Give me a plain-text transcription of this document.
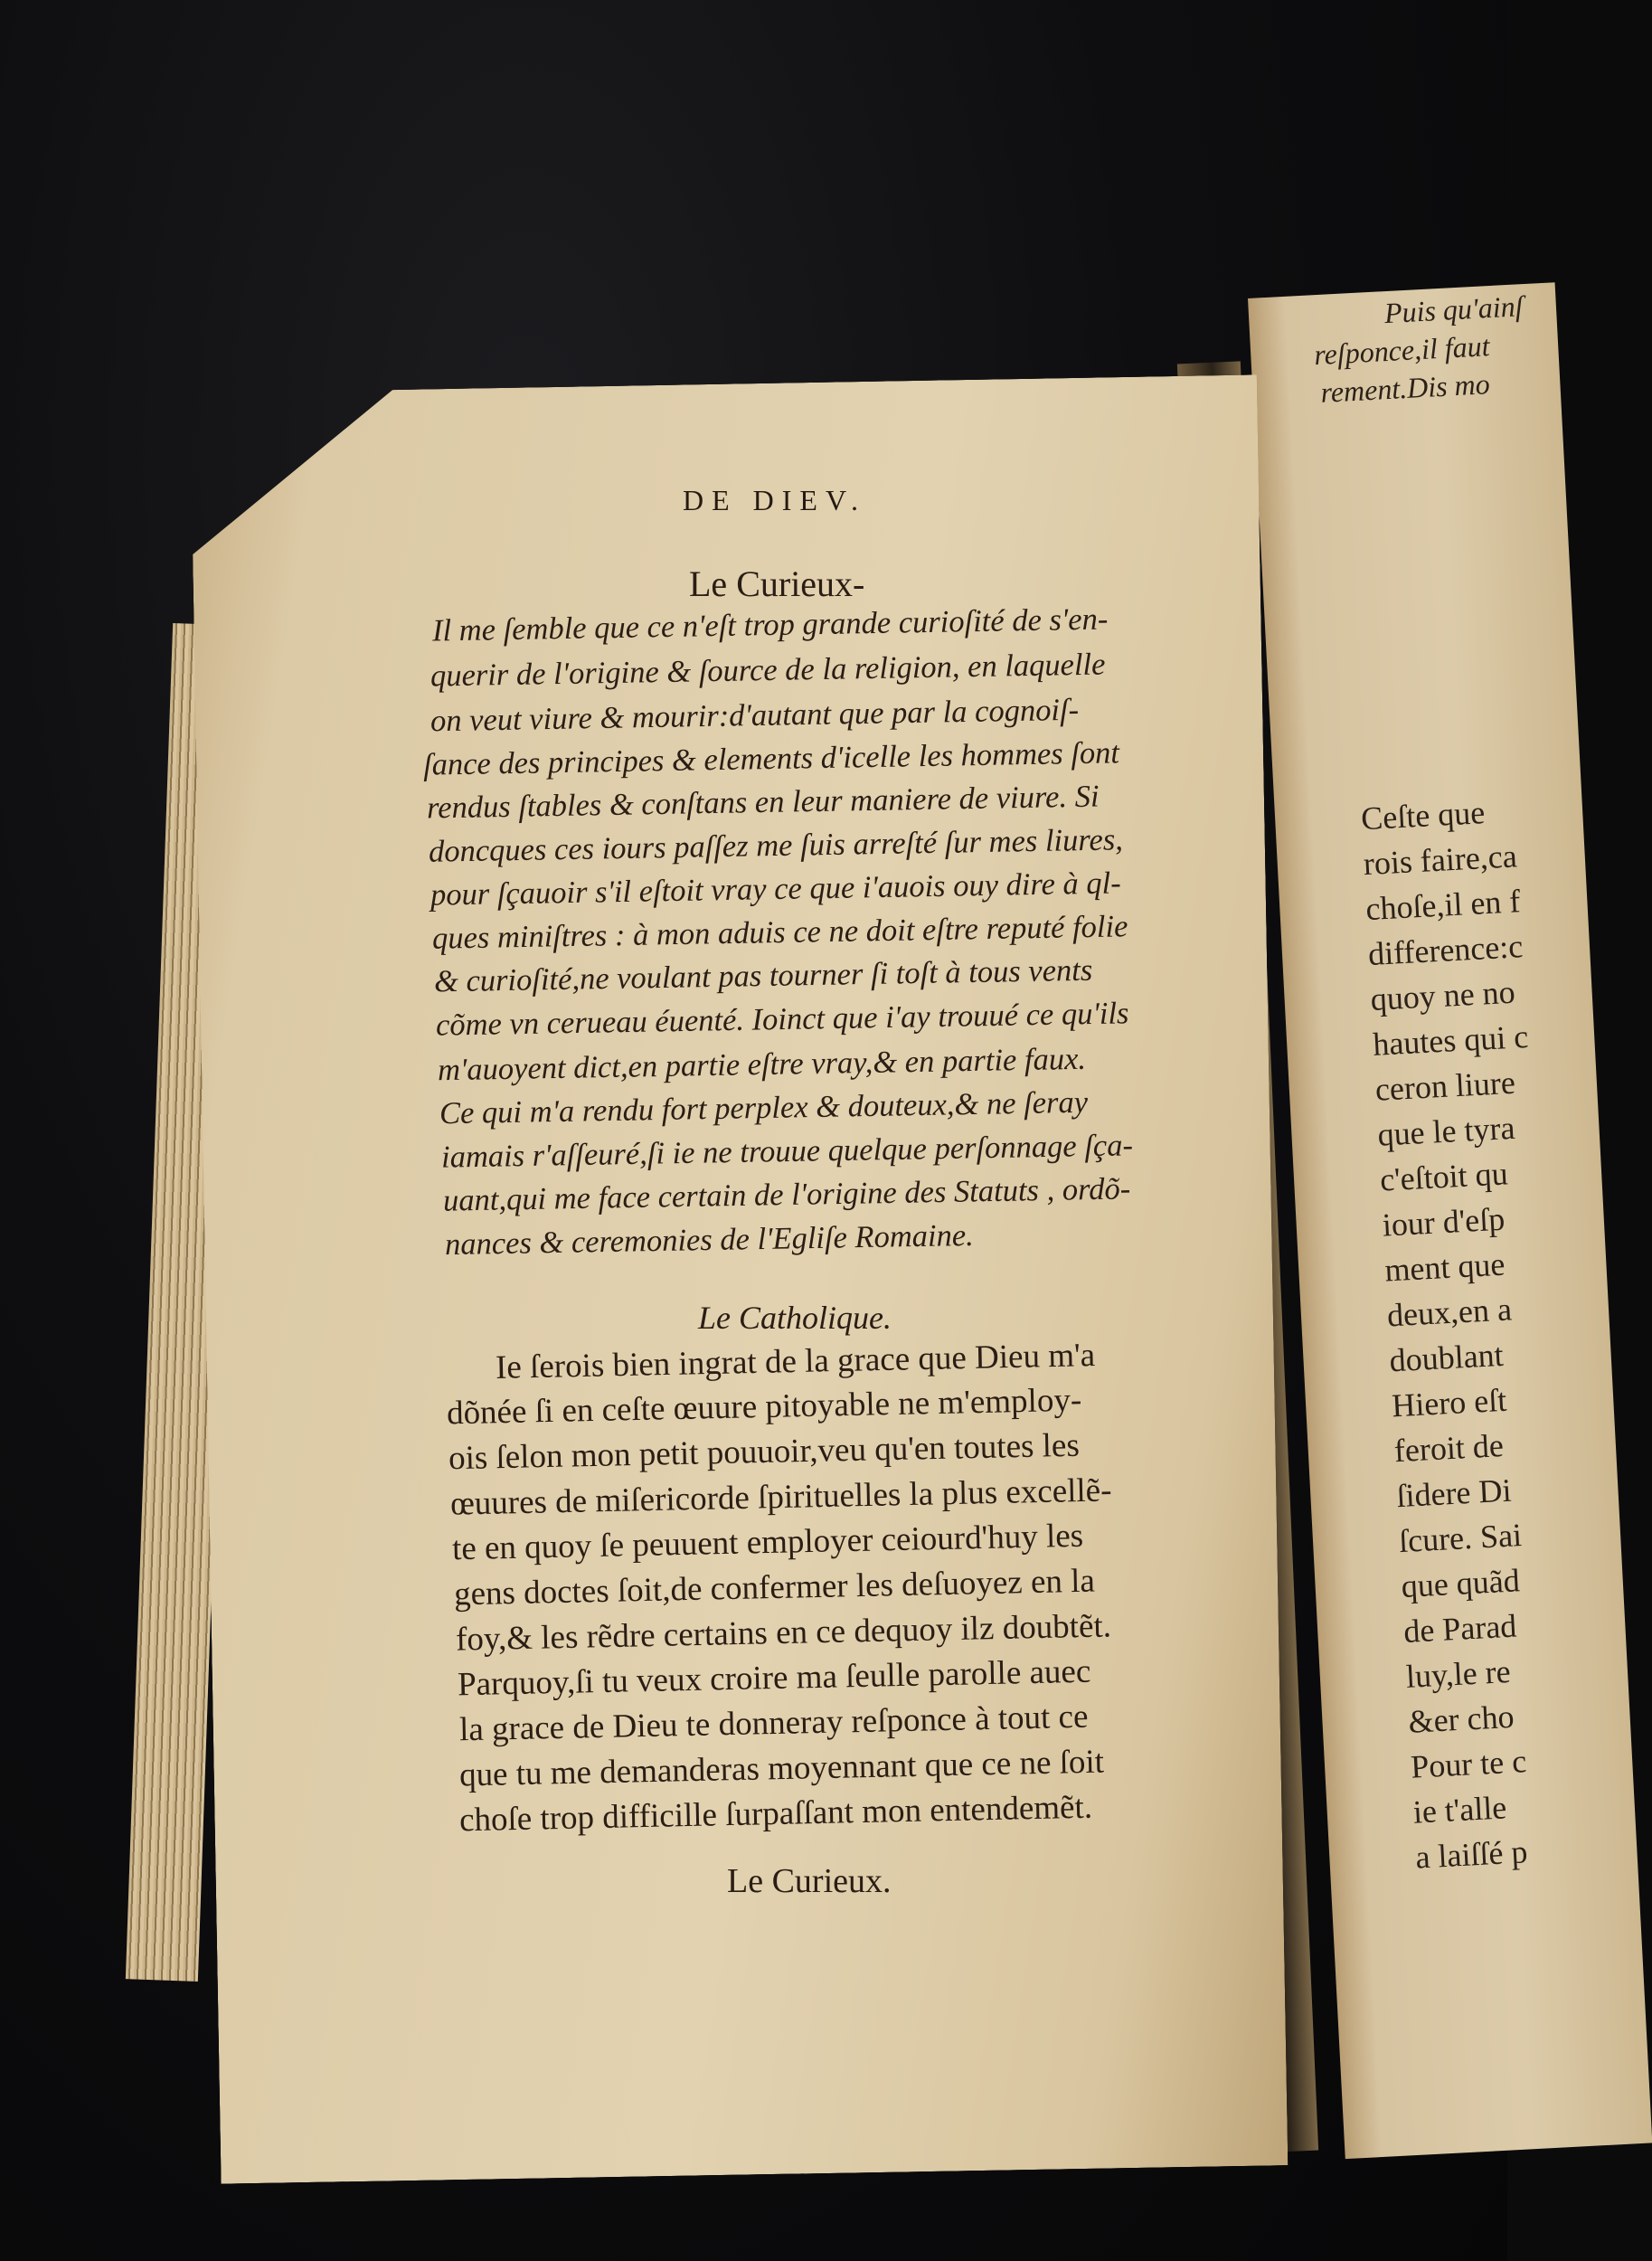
Puis qu'ainſ
reſponce,il faut
rement.Dis mo
Ceſte que
rois faire,ca
choſe,il en f
difference:c
quoy ne no
hautes qui c
ceron liure
que le tyra
c'eſtoit qu
iour d'eſp
ment que
deux,en a
doublant
Hiero eſt
feroit de
ſidere Di
ſcure. Sai
que quãd
de Parad
luy,le re
&er cho
Pour te c
ie t'alle
a laiſſé p
DE DIEV.
Le Curieux-
Il me ſemble que ce n'eſt trop grande curioſité de s'en-
querir de l'origine & ſource de la religion, en laquelle
on veut viure & mourir:d'autant que par la cognoiſ-
ſance des principes & elements d'icelle les hommes ſont
rendus ſtables & conſtans en leur maniere de viure. Si
doncques ces iours paſſez me ſuis arreſté ſur mes liures,
pour ſçauoir s'il eſtoit vray ce que i'auois ouy dire à ql-
ques miniſtres : à mon aduis ce ne doit eſtre reputé folie
& curioſité,ne voulant pas tourner ſi toſt à tous vents
cõme vn cerueau éuenté. Ioinct que i'ay trouué ce qu'ils
m'auoyent dict,en partie eſtre vray,& en partie faux.
Ce qui m'a rendu fort perplex & douteux,& ne ſeray
iamais r'aſſeuré,ſi ie ne trouue quelque perſonnage ſça-
uant,qui me face certain de l'origine des Statuts , ordõ-
nances & ceremonies de l'Egliſe Romaine.
Le Catholique.
Ie ſerois bien ingrat de la grace que Dieu m'a
dõnée ſi en ceſte œuure pitoyable ne m'employ-
ois ſelon mon petit pouuoir,veu qu'en toutes les
œuures de miſericorde ſpirituelles la plus excellẽ-
te en quoy ſe peuuent employer ceiourd'huy les
gens doctes ſoit,de confermer les deſuoyez en la
foy,& les rẽdre certains en ce dequoy ilz doubtẽt.
Parquoy,ſi tu veux croire ma ſeulle parolle auec
la grace de Dieu te donneray reſponce à tout ce
que tu me demanderas moyennant que ce ne ſoit
choſe trop difficille ſurpaſſant mon entendemẽt.
Le Curieux.
